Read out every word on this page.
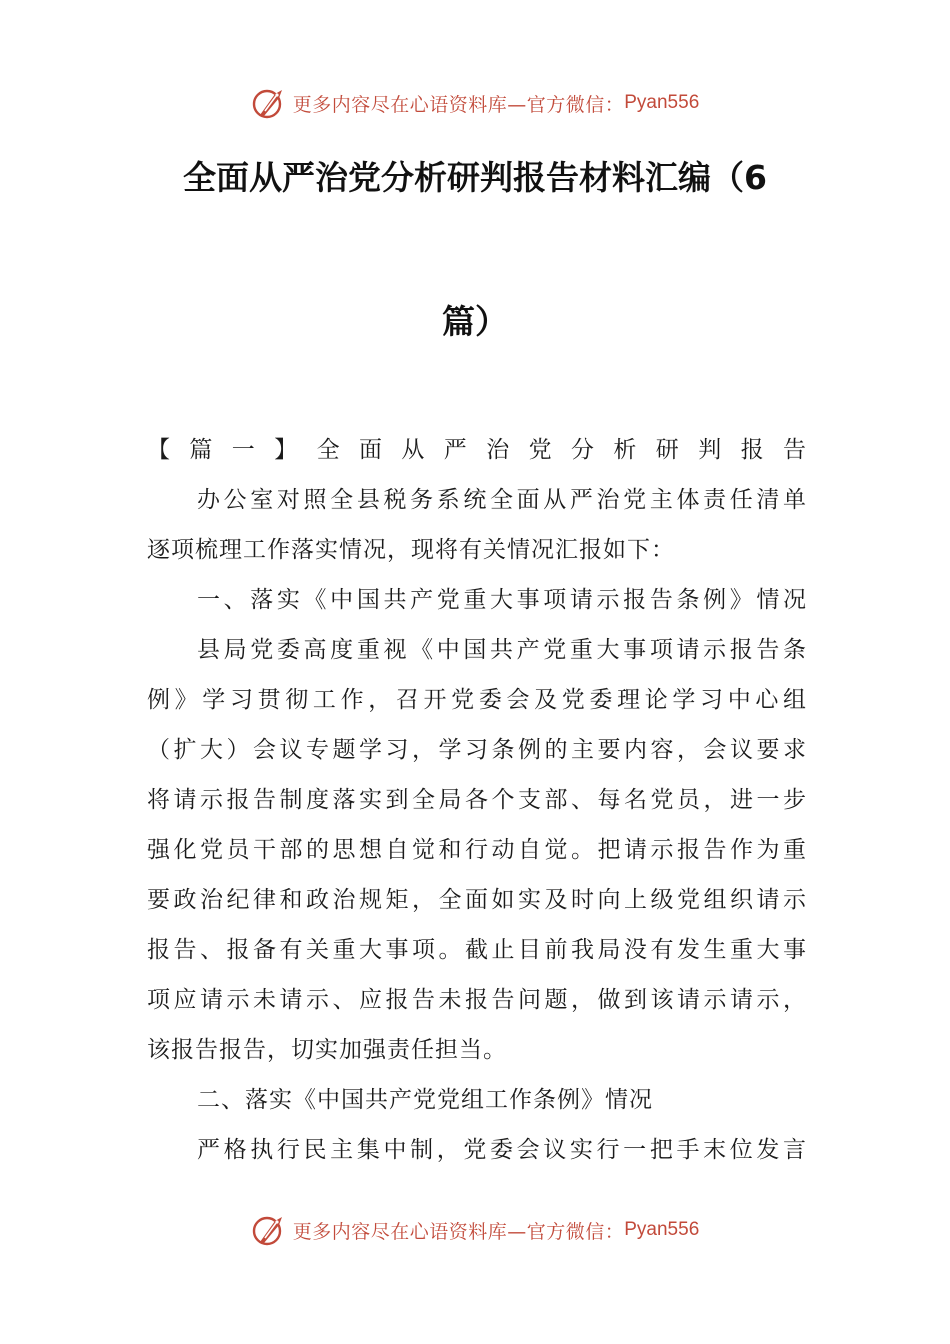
更多内容尽在心语资料库—官方微信： Pyan556
全面从严治党分析研判报告材料汇编（6
篇）
【篇一】全面从严治党分析研判报告
办公室对照全县税务系统全面从严治党主体责任清单
逐项梳理工作落实情况，现将有关情况汇报如下：
一、落实《中国共产党重大事项请示报告条例》情况
县局党委高度重视《中国共产党重大事项请示报告条
例》学习贯彻工作，召开党委会及党委理论学习中心组
（扩大）会议专题学习，学习条例的主要内容，会议要求
将请示报告制度落实到全局各个支部、每名党员，进一步
强化党员干部的思想自觉和行动自觉。把请示报告作为重
要政治纪律和政治规矩，全面如实及时向上级党组织请示
报告、报备有关重大事项。截止目前我局没有发生重大事
项应请示未请示、应报告未报告问题，做到该请示请示，
该报告报告，切实加强责任担当。
二、落实《中国共产党党组工作条例》情况
严格执行民主集中制，党委会议实行一把手末位发言
更多内容尽在心语资料库—官方微信： Pyan556
